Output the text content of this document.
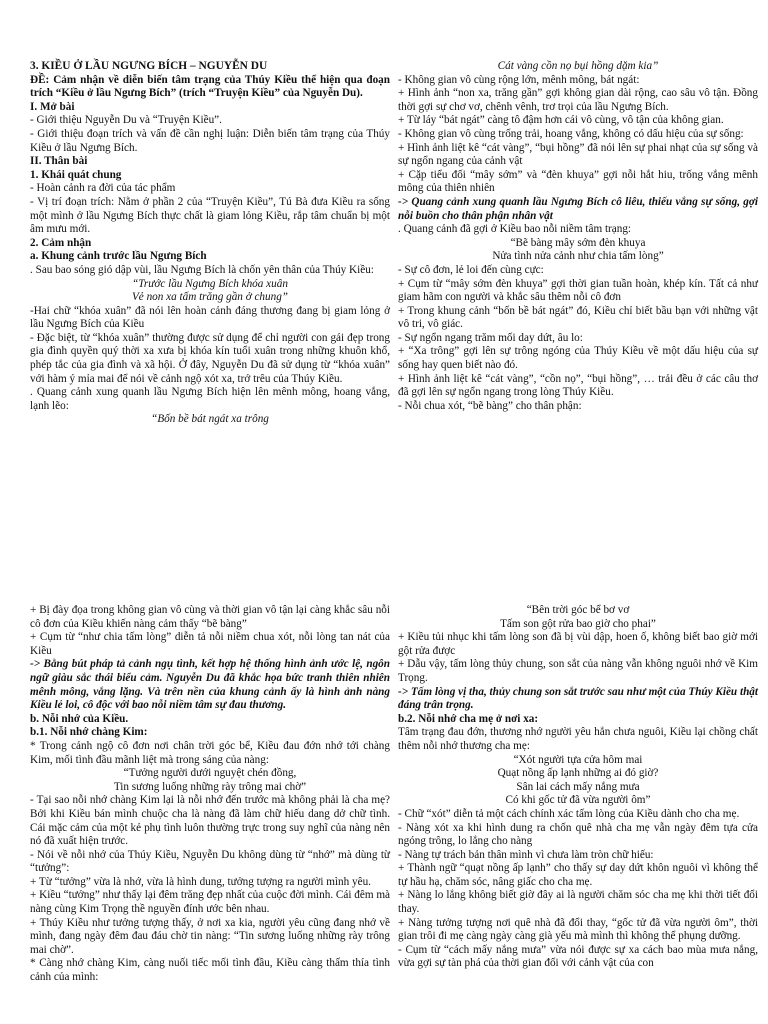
3. KIỀU Ở LẦU NGƯNG BÍCH – NGUYỄN DU

ĐỀ: Cảm nhận về diễn biến tâm trạng của Thúy Kiều thể hiện qua đoạn trích “Kiều ở lầu Ngưng Bích” (trích “Truyện Kiều” của Nguyễn Du).

I. Mở bài

- Giới thiệu Nguyễn Du và “Truyện Kiều”.

- Giới thiệu đoạn trích và vấn đề cần nghị luận: Diễn biến tâm trạng của Thúy Kiều ở lầu Ngưng Bích.

II. Thân bài

1. Khái quát chung

- Hoàn cảnh ra đời của tác phẩm

- Vị trí đoạn trích: Nằm ở phần 2 của “Truyện Kiều”, Tú Bà đưa Kiều ra sống một mình ở lầu Ngưng Bích thực chất là giam lỏng Kiều, rắp tâm chuẩn bị một âm mưu mới.

2. Cảm nhận

a. Khung cảnh trước lầu Ngưng Bích

. Sau bao sóng gió dập vùi, lầu Ngưng Bích là chốn yên thân của Thúy Kiều:

“Trước lầu Ngưng Bích khóa xuân

Vẻ non xa tấm trăng gần ở chung”

-Hai chữ “khóa xuân” đã nói lên hoàn cảnh đáng thương đang bị giam lỏng ở lầu Ngưng Bích của Kiều

- Đặc biệt, từ “khóa xuân” thường được sử dụng để chỉ người con gái đẹp trong gia đình quyền quý thời xa xưa bị khóa kín tuổi xuân trong những khuôn khổ, phép tắc của gia đình và xã hội. Ở đây, Nguyễn Du đã sử dụng từ “khóa xuân” với hàm ý mỉa mai để nói về cảnh ngộ xót xa, trớ trêu của Thúy Kiều.

. Quang cảnh xung quanh lầu Ngưng Bích hiện lên mênh mông, hoang vắng, lạnh lẽo:

“Bốn bề bát ngát xa trông

Cát vàng cồn nọ bụi hồng dặm kia”

- Không gian vô cùng rộng lớn, mênh mông, bát ngát:

+ Hình ảnh “non xa, trăng gần” gợi không gian dài rộng, cao sâu vô tận. Đồng thời gợi sự chơ vơ, chênh vênh, trơ trọi của lầu Ngưng Bích.

+ Từ láy “bát ngát” càng tô đậm hơn cái vô cùng, vô tận của không gian.

- Không gian vô cùng trống trải, hoang vắng, không có dấu hiệu của sự sống:

+ Hình ảnh liệt kê “cát vàng”, “bụi hồng” đã nói lên sự phai nhạt của sự sống và sự ngổn ngang của cảnh vật

+ Cặp tiểu đối “mây sớm” và “đèn khuya” gợi nỗi hắt hiu, trống vắng mênh mông của thiên nhiên

-> Quang cảnh xung quanh lầu Ngưng Bích cô liêu, thiếu vắng sự sống, gợi nỗi buồn cho thân phận nhân vật

. Quang cảnh đã gợi ở Kiều bao nỗi niềm tâm trạng:

“Bẽ bàng mây sớm đèn khuya

Nửa tình nửa cảnh như chia tấm lòng”

- Sự cô đơn, lẻ loi đến cùng cực:

+ Cụm từ “mây sớm đèn khuya” gợi thời gian tuần hoàn, khép kín. Tất cả như giam hãm con người và khắc sâu thêm nỗi cô đơn

+ Trong khung cảnh “bốn bề bát ngát” đó, Kiều chỉ biết bầu bạn với những vật vô tri, vô giác.

- Sự ngổn ngang trăm mối day dứt, âu lo:

+ “Xa trông” gợi lên sự trông ngóng của Thúy Kiều về một dấu hiệu của sự sống hay quen biết nào đó.

+ Hình ảnh liệt kê “cát vàng”, “cồn nọ”, “bụi hồng”, … trải đều ở các câu thơ đã gợi lên sự ngổn ngang trong lòng Thúy Kiều.

- Nỗi chua xót, “bẽ bàng” cho thân phận:

+ Bị đày đọa trong không gian vô cùng và thời gian vô tận lại càng khắc sâu nỗi cô đơn của Kiều khiến nàng cảm thấy “bẽ bàng”

+ Cụm từ “như chia tấm lòng” diễn tả nỗi niềm chua xót, nỗi lòng tan nát của Kiều

-> Bằng bút pháp tả cảnh ngụ tình, kết hợp hệ thống hình ảnh ước lệ, ngôn ngữ giàu sắc thái biểu cảm. Nguyễn Du đã khắc họa bức tranh thiên nhiên mênh mông, vắng lặng. Và trên nền của khung cảnh ấy là hình ảnh nàng Kiều lẻ loi, cô độc với bao nỗi niềm tâm sự đau thương.

b. Nỗi nhớ của Kiều.

b.1. Nỗi nhớ chàng Kim:

* Trong cảnh ngộ cô đơn nơi chân trời góc bể, Kiều đau đớn nhớ tới chàng Kim, mối tình đầu mãnh liệt mà trong sáng của nàng:

“Tưởng người dưới nguyệt chén đồng,

Tin sương luống những rày trông mai chờ”

- Tại sao nỗi nhớ chàng Kim lại là nỗi nhớ đến trước mà không phải là cha mẹ? Bởi khi Kiều bán mình chuộc cha là nàng đã làm chữ hiếu dang dở chữ tình. Cái mặc cảm của một kẻ phụ tình luôn thường trực trong suy nghĩ của nàng nên nó đã xuất hiện trước.

- Nói về nỗi nhớ của Thúy Kiều, Nguyễn Du không dùng từ “nhớ” mà dùng từ “tưởng”:

+ Từ “tưởng” vừa là nhớ, vừa là hình dung, tưởng tượng ra người mình yêu.

+ Kiều “tưởng” như thấy lại đêm trăng đẹp nhất của cuộc đời mình. Cái đêm mà nàng cùng Kim Trọng thề nguyền đính ước bên nhau.

+ Thúy Kiều như tưởng tượng thấy, ở nơi xa kia, người yêu cũng đang nhớ về mình, đang ngày đêm đau đáu chờ tin nàng: “Tin sương luống những rày trông mai chờ”.

* Càng nhớ chàng Kim, càng nuối tiếc mối tình đầu, Kiều càng thấm thía tình cảnh của mình:

“Bên trời góc bể bơ vơ

Tấm son gột rửa bao giờ cho phai”

+ Kiều tủi nhục khi tấm lòng son đã bị vùi dập, hoen ố, không biết bao giờ mới gột rửa được

+ Dẫu vậy, tấm lòng thủy chung, son sắt của nàng vẫn không nguôi nhớ về Kim Trọng.

-> Tấm lòng vị tha, thủy chung son sắt trước sau như một của Thúy Kiều thật đáng trân trọng.

b.2. Nỗi nhớ cha mẹ ở nơi xa:

Tâm trạng đau đớn, thương nhớ người yêu hẳn chưa nguôi, Kiều lại chồng chất thêm nỗi nhớ thương cha mẹ:

“Xót người tựa cửa hôm mai

Quạt nồng ấp lạnh những ai đó giờ?

Sân lai cách mấy nắng mưa

Có khi gốc tử đã vừa người ôm”

- Chữ “xót” diễn tả một cách chính xác tấm lòng của Kiều dành cho cha mẹ.

- Nàng xót xa khi hình dung ra chốn quê nhà cha mẹ vẫn ngày đêm tựa cửa ngóng trông, lo lắng cho nàng

- Nàng tự trách bản thân mình vì chưa làm tròn chữ hiếu:

+ Thành ngữ “quạt nồng ấp lạnh” cho thấy sự day dứt khôn nguôi vì không thể tự hầu hạ, chăm sóc, nâng giấc cho cha mẹ.

+ Nàng lo lắng không biết giờ đây ai là người chăm sóc cha mẹ khi thời tiết đổi thay.

+ Nàng tưởng tượng nơi quê nhà đã đổi thay, “gốc tử đã vừa người ôm”, thời gian trôi đi mẹ càng ngày càng già yếu mà mình thì không thể phụng dưỡng.

- Cụm từ “cách mấy nắng mưa” vừa nói được sự xa cách bao mùa mưa nắng, vừa gợi sự tàn phá của thời gian đối với cảnh vật của con
